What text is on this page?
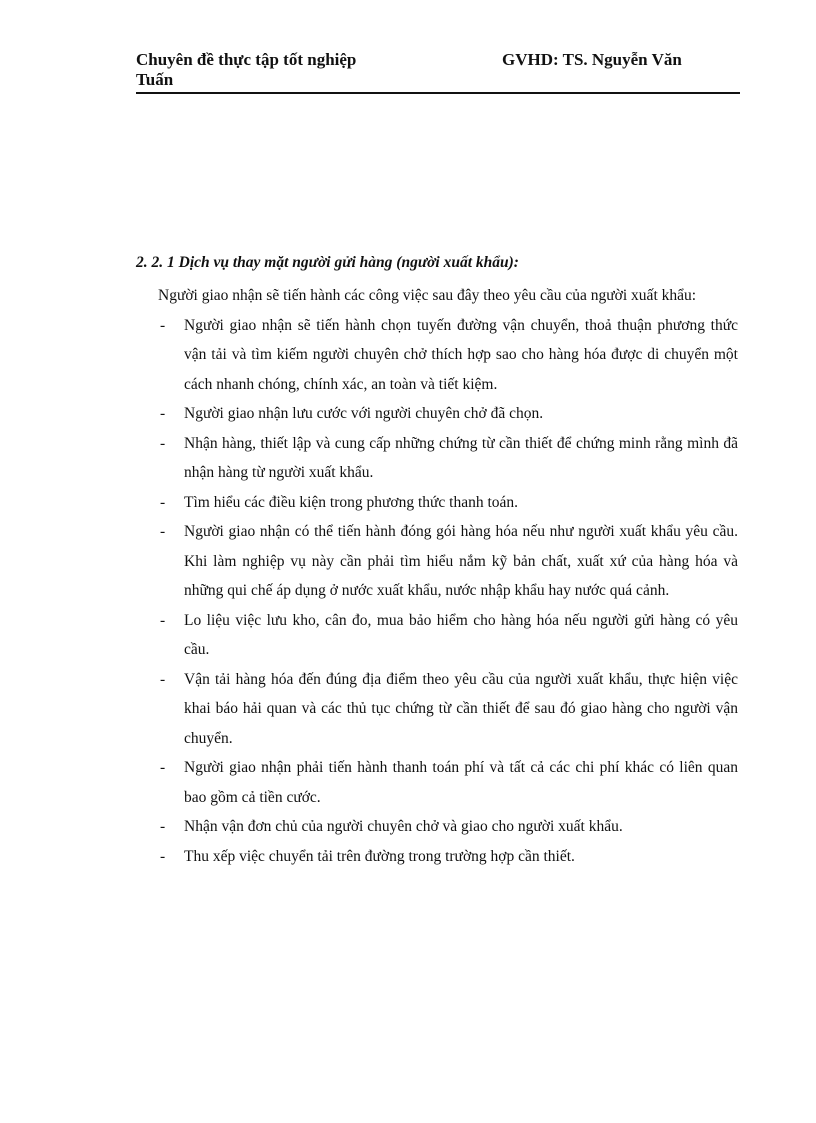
Chuyên đề thực tập tốt nghiệp	GVHD: TS. Nguyễn Văn
Tuấn

2. 2. 1 Dịch vụ thay mặt người gửi hàng (người xuất khẩu):

Người giao nhận sẽ tiến hành các công việc sau đây theo yêu cầu của người xuất khẩu:

- Người giao nhận sẽ tiến hành chọn tuyến đường vận chuyển, thoả thuận phương thức vận tải và tìm kiếm người chuyên chở thích hợp sao cho hàng hóa được di chuyển một cách nhanh chóng, chính xác, an toàn và tiết kiệm.
- Người giao nhận lưu cước với người chuyên chở đã chọn.
- Nhận hàng, thiết lập và cung cấp những chứng từ cần thiết để chứng minh rằng mình đã nhận hàng từ người xuất khẩu.
- Tìm hiểu các điều kiện trong phương thức thanh toán.
- Người giao nhận có thể tiến hành đóng gói hàng hóa nếu như người xuất khẩu yêu cầu. Khi làm nghiệp vụ này cần phải tìm hiểu nắm kỹ bản chất, xuất xứ của hàng hóa và những qui chế áp dụng ở nước xuất khẩu, nước nhập khẩu hay nước quá cảnh.
- Lo liệu việc lưu kho, cân đo, mua bảo hiểm cho hàng hóa nếu người gửi hàng có yêu cầu.
- Vận tải hàng hóa đến đúng địa điểm theo yêu cầu của người xuất khẩu, thực hiện việc khai báo hải quan và các thủ tục chứng từ cần thiết để sau đó giao hàng cho người vận chuyển.
- Người giao nhận phải tiến hành thanh toán phí và tất cả các chi phí khác có liên quan bao gồm cả tiền cước.
- Nhận vận đơn chủ của người chuyên chở và giao cho người xuất khẩu.
- Thu xếp việc chuyển tải trên đường trong trường hợp cần thiết.
